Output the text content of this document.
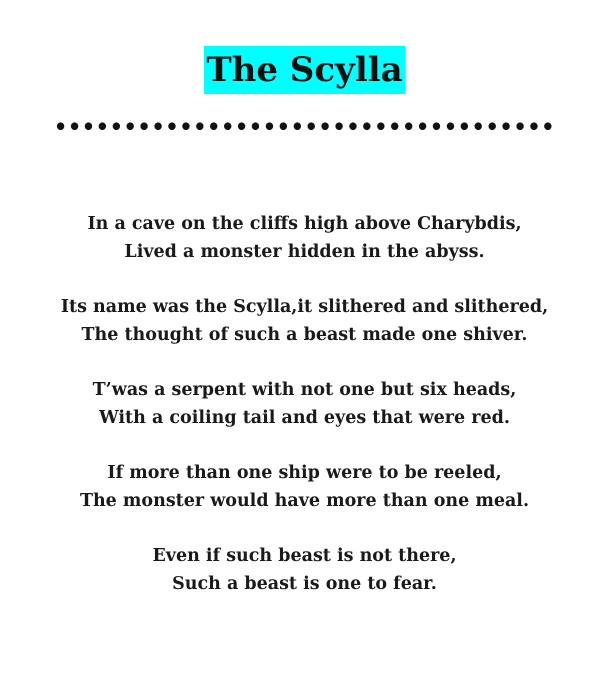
The Scylla
••••••••••••••••••••••••••••••••••••
In a cave on the cliffs high above Charybdis,
Lived a monster hidden in the abyss.
Its name was the Scylla,it slithered and slithered,
The thought of such a beast made one shiver.
T’was a serpent with not one but six heads,
With a coiling tail and eyes that were red.
If more than one ship were to be reeled,
The monster would have more than one meal.
Even if such beast is not there,
Such a beast is one to fear.
